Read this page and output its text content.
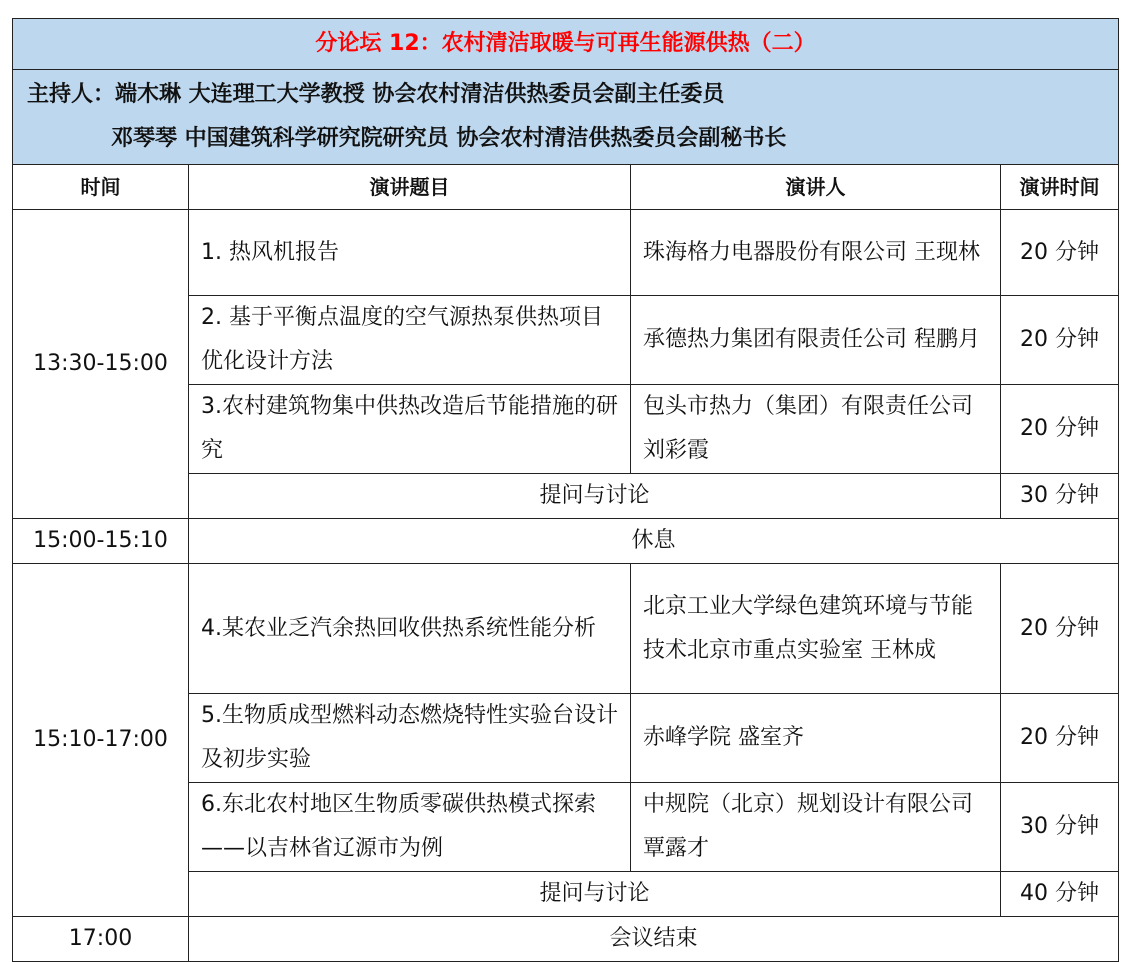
分论坛 12：农村清洁取暖与可再生能源供热（二）			

主持人：端木琳 大连理工大学教授 协会农村清洁供热委员会副主任委员
邓琴琴 中国建筑科学研究院研究员 协会农村清洁供热委员会副秘书长			

时间	演讲题目	演讲人	演讲时间
13:30-15:00	1. 热风机报告	珠海格力电器股份有限公司 王现林	20 分钟
	2. 基于平衡点温度的空气源热泵供热项目优化设计方法	承德热力集团有限责任公司 程鹏月	20 分钟
	3.农村建筑物集中供热改造后节能措施的研究	包头市热力（集团）有限责任公司 刘彩霞	20 分钟
	提问与讨论		30 分钟
15:00-15:10	休息		
15:10-17:00	4.某农业乏汽余热回收供热系统性能分析	北京工业大学绿色建筑环境与节能技术北京市重点实验室 王林成	20 分钟
	5.生物质成型燃料动态燃烧特性实验台设计及初步实验	赤峰学院 盛室齐	20 分钟
	6.东北农村地区生物质零碳供热模式探索——以吉林省辽源市为例	中规院（北京）规划设计有限公司 覃露才	30 分钟
	提问与讨论		40 分钟
17:00	会议结束		
